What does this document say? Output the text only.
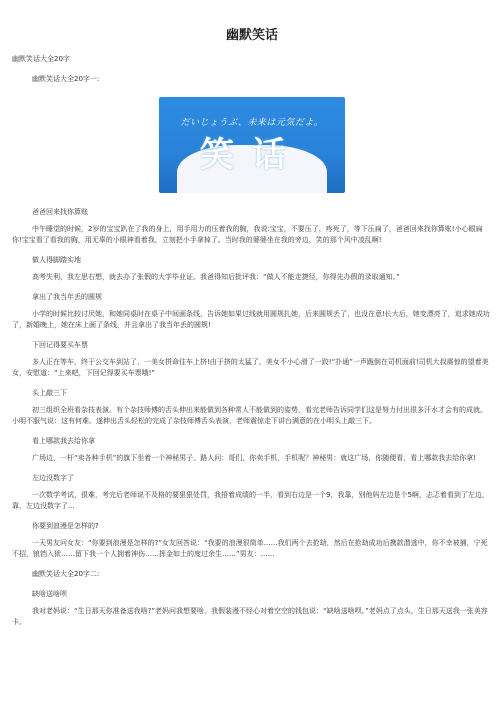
幽默笑话

幽默笑话大全20字

幽默笑话大全20字一:

だいじょうぶ、未来は元気だよ。
笑话

爸爸回来找你算账

中午睡觉的时候，2岁的宝宝趴在了我的身上，用手用力的压着我的胸，我说:宝宝，不要压了，疼死了，等下压扁了，爸爸回来找你算账!小心眼扁你!宝宝看了看我的胸，用无辜的小眼神看着我，立刻把小手拿掉了。当时我的婆婆坐在我的旁边，笑的那个风中凌乱啊!

做人得脚踏实地

高考失利，我左思右想，就去办了张假的大学毕业证。我爸得知后批评我：“做人不能走捷径，你得先办假的录取通知。”

拿出了我当年丢的圆规

小学的时候比较讨厌她，和她同桌时在桌子中间画条线，告诉她如果过线就用圆规扎她，后来圆规丢了，也没在意!长大后，她变漂亮了，追求她成功了，新婚晚上，她在床上画了条线，并且拿出了我当年丢的圆规!

下回记得要买车票

多人正在等车，终于公交车到站了，一美女拼命往车上挤!由于挤的太猛了，美女不小心滑了一跤!“扑通”一声跪倒在司机面前!司机大叔震惊的望着美女，安慰道：“上来吧，下回记得要买车票哦!”

头上敲三下

初三组织全班看杂技表演。有个杂技师傅的舌头伸出来能做到各种常人不能做到的姿势，看完老师告诉同学们这是努力付出很多汗水才会有的成就。小明不服气说：这有何难。遂伸出舌头轻松的完成了杂技师傅舌头表演，老师震惊走下讲台满意的在小明头上敲三下。

看上哪款我去给你拿

广场边，一杆“卖各种手机”的旗下坐着一个神秘男子。路人问：哥们，你卖手机，手机呢？神秘男：就这广场，你随便看，看上哪款我去给你拿!

左边没数字了

一次数学考试，很难，考完后老师说不及格的要狠狠处罚，我捂着成绩的一半，看到右边是一个9，我靠，别他妈左边是个5啊，忐忑着看到了左边，靠，左边没数字了...

你要到浪漫是怎样的?

一天男友问女友：“你要到浪漫是怎样的?”女友回答说：“我要的浪漫很简单……我们两个去抢劫，然后在抢劫成功后携款潜逃中，你不幸被捕，宁死不招，锒铛入狱……留下我一个人拥着神伤……挥金如土的度过余生……”男友：……

幽默笑话大全20字二:

缺啥送啥呗

我对老妈说：“生日那天你准备送我啥?”老妈问我想要啥，我假装漫不经心对着空空的钱包说：“缺啥送啥呗。”老妈点了点头，生日那天送我一张美容卡。
